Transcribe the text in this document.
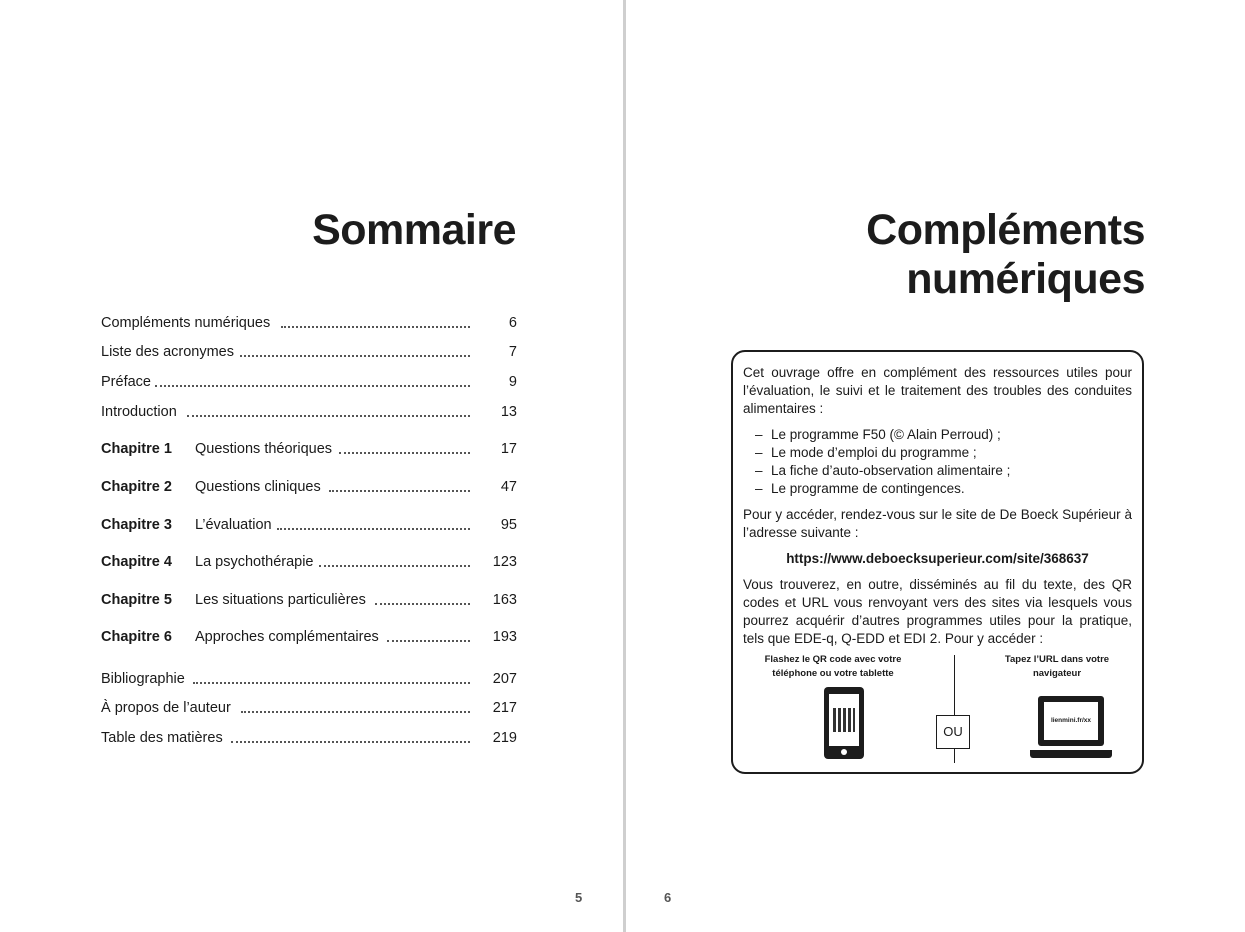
Sommaire
Compléments numériques	6
Liste des acronymes	7
Préface	9
Introduction	13
Chapitre 1 Questions théoriques	17
Chapitre 2 Questions cliniques	47
Chapitre 3 L’évaluation	95
Chapitre 4 La psychothérapie	123
Chapitre 5 Les situations particulières	163
Chapitre 6 Approches complémentaires	193
Bibliographie	207
À propos de l’auteur	217
Table des matières	219
5
Compléments
numériques

Cet ouvrage offre en complément des ressources utiles pour l’évaluation, le suivi et le traitement des troubles des conduites alimentaires :

– Le programme F50 (© Alain Perroud) ;
– Le mode d’emploi du programme ;
– La fiche d’auto-observation alimentaire ;
– Le programme de contingences.

Pour y accéder, rendez-vous sur le site de De Boeck Supérieur à l’adresse suivante :

https://www.deboecksuperieur.com/site/368637

Vous trouverez, en outre, disséminés au fil du texte, des QR codes et URL vous renvoyant vers des sites via lesquels vous pourrez acquérir d’autres programmes utiles pour la pratique, tels que EDE-q, Q-EDD et EDI 2. Pour y accéder :

Flashez le QR code avec votre téléphone ou votre tablette
Tapez l’URL dans votre navigateur
OU
lienmini.fr/xx
6
